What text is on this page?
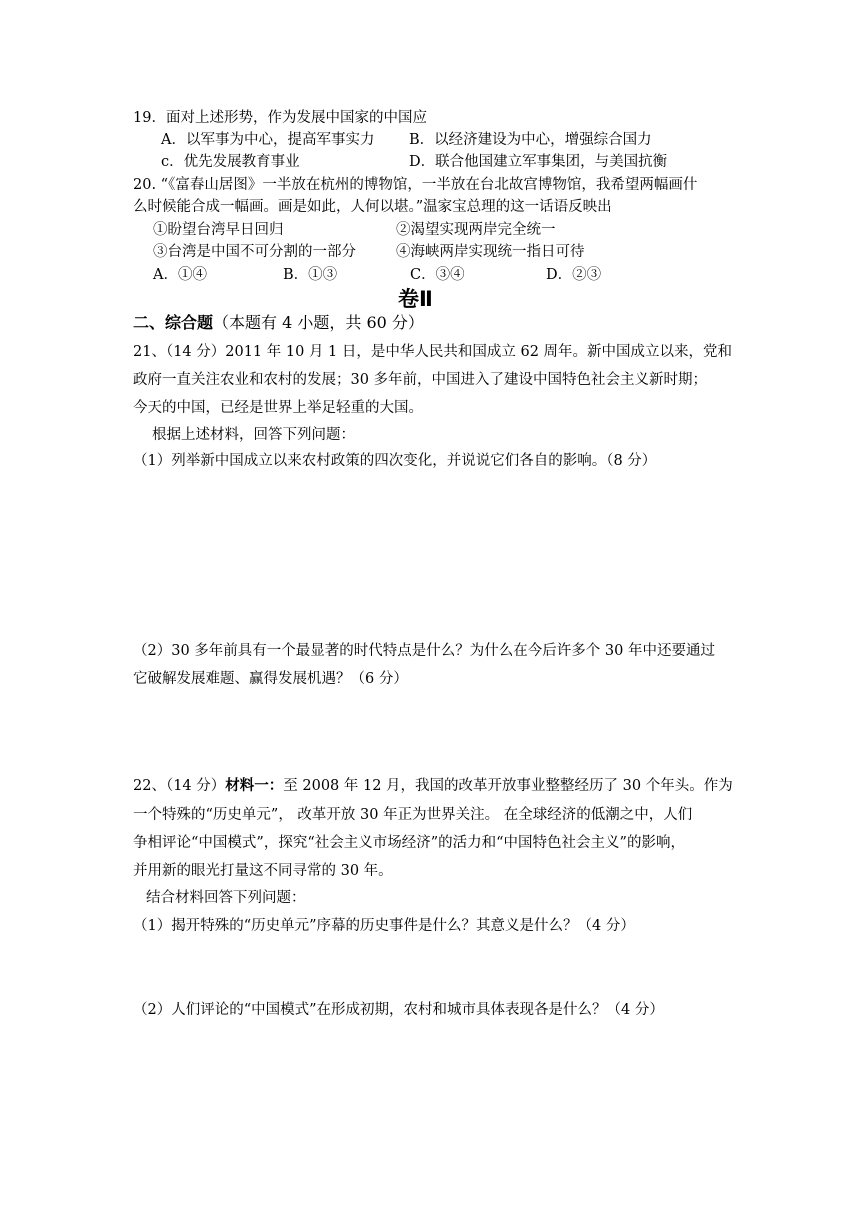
19．面对上述形势，作为发展中国家的中国应
A．以军事为中心，提高军事实力 B．以经济建设为中心，增强综合国力
c．优先发展教育事业	D．联合他国建立军事集团，与美国抗衡
20. “《富春山居图》一半放在杭州的博物馆，一半放在台北故宫博物馆，我希望两幅画什
么时候能合成一幅画。画是如此，人何以堪。”温家宝总理的这一话语反映出
①盼望台湾早日回归	②渴望实现两岸完全统一
③台湾是中国不可分割的一部分	④海峡两岸实现统一指日可待
A．①④	B．①③	C．③④	D．②③
卷Ⅱ
二、综合题（本题有 4 小题，共 60 分）
21、（14 分）2011 年 10 月 1 日，是中华人民共和国成立 62 周年。新中国成立以来，党和
政府一直关注农业和农村的发展；30 多年前，中国进入了建设中国特色社会主义新时期；
今天的中国，已经是世界上举足轻重的大国。
根据上述材料，回答下列问题：
（1）列举新中国成立以来农村政策的四次变化，并说说它们各自的影响。（8 分）
（2）30 多年前具有一个最显著的时代特点是什么？为什么在今后许多个 30 年中还要通过
它破解发展难题、赢得发展机遇？（6 分）
22、（14 分）材料一：至 2008 年 12 月，我国的改革开放事业整整经历了 30 个年头。作为
一个特殊的“历史单元”， 改革开放 30 年正为世界关注。 在全球经济的低潮之中，人们
争相评论“中国模式”，探究“社会主义市场经济”的活力和“中国特色社会主义”的影响，
并用新的眼光打量这不同寻常的 30 年。
结合材料回答下列问题：
（1）揭开特殊的“历史单元”序幕的历史事件是什么？其意义是什么？（4 分）
（2）人们评论的“中国模式”在形成初期，农村和城市具体表现各是什么？（4 分）
